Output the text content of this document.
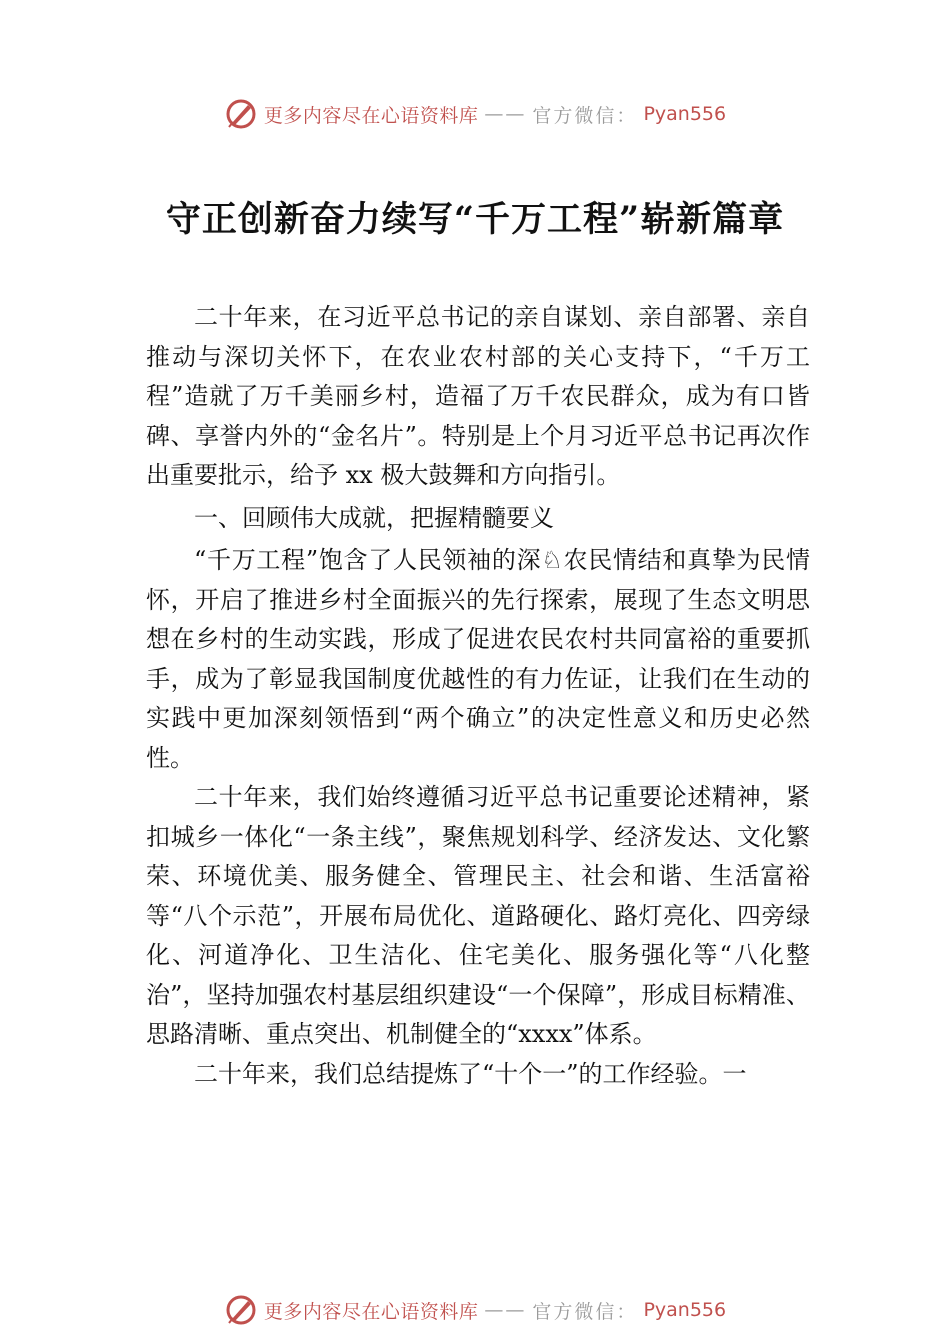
更多内容尽在心语资料库 —— 官方微信： Pyan556
守正创新奋力续写“千万工程”崭新篇章

二十年来，在习近平总书记的亲自谋划、亲自部署、亲自推动与深切关怀下，在农业农村部的关心支持下，“千万工程”造就了万千美丽乡村，造福了万千农民群众，成为有口皆碑、享誉内外的“金名片”。特别是上个月习近平总书记再次作出重要批示，给予 xx 极大鼓舞和方向指引。

一、回顾伟大成就，把握精髓要义

“千万工程”饱含了人民领袖的深♘农民情结和真挚为民情怀，开启了推进乡村全面振兴的先行探索，展现了生态文明思想在乡村的生动实践，形成了促进农民农村共同富裕的重要抓手，成为了彰显我国制度优越性的有力佐证，让我们在生动的实践中更加深刻领悟到“两个确立”的决定性意义和历史必然性。

二十年来，我们始终遵循习近平总书记重要论述精神，紧扣城乡一体化“一条主线”，聚焦规划科学、经济发达、文化繁荣、环境优美、服务健全、管理民主、社会和谐、生活富裕等“八个示范”，开展布局优化、道路硬化、路灯亮化、四旁绿化、河道净化、卫生洁化、住宅美化、服务强化等“八化整治”，坚持加强农村基层组织建设“一个保障”，形成目标精准、思路清晰、重点突出、机制健全的“xxxx”体系。

二十年来，我们总结提炼了“十个一”的工作经验。一

更多内容尽在心语资料库 —— 官方微信： Pyan556
